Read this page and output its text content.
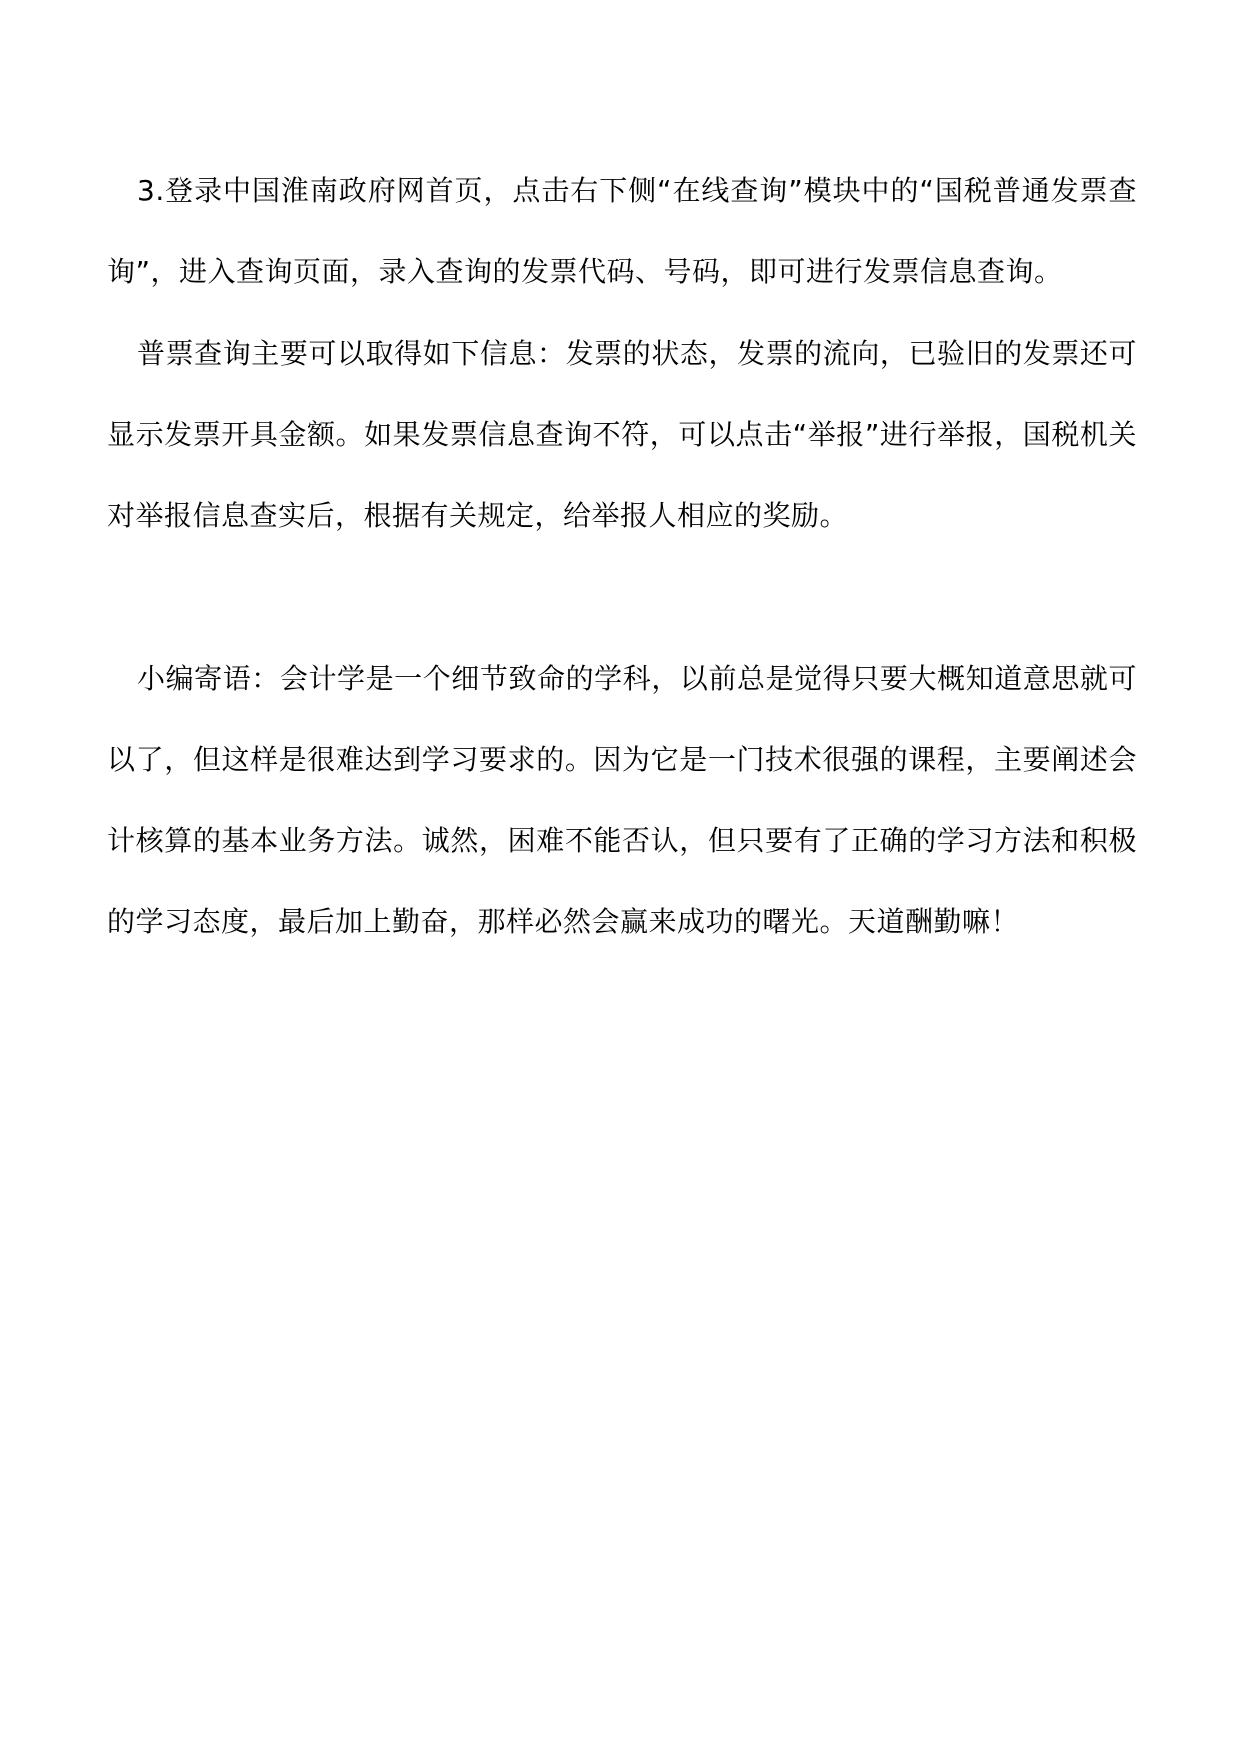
3.登录中国淮南政府网首页，点击右下侧“在线查询”模块中的“国税普通发票查询”，进入查询页面，录入查询的发票代码、号码，即可进行发票信息查询。

普票查询主要可以取得如下信息：发票的状态，发票的流向，已验旧的发票还可显示发票开具金额。如果发票信息查询不符，可以点击“举报”进行举报，国税机关对举报信息查实后，根据有关规定，给举报人相应的奖励。

小编寄语：会计学是一个细节致命的学科，以前总是觉得只要大概知道意思就可以了，但这样是很难达到学习要求的。因为它是一门技术很强的课程，主要阐述会计核算的基本业务方法。诚然，困难不能否认，但只要有了正确的学习方法和积极的学习态度，最后加上勤奋，那样必然会赢来成功的曙光。天道酬勤嘛！
